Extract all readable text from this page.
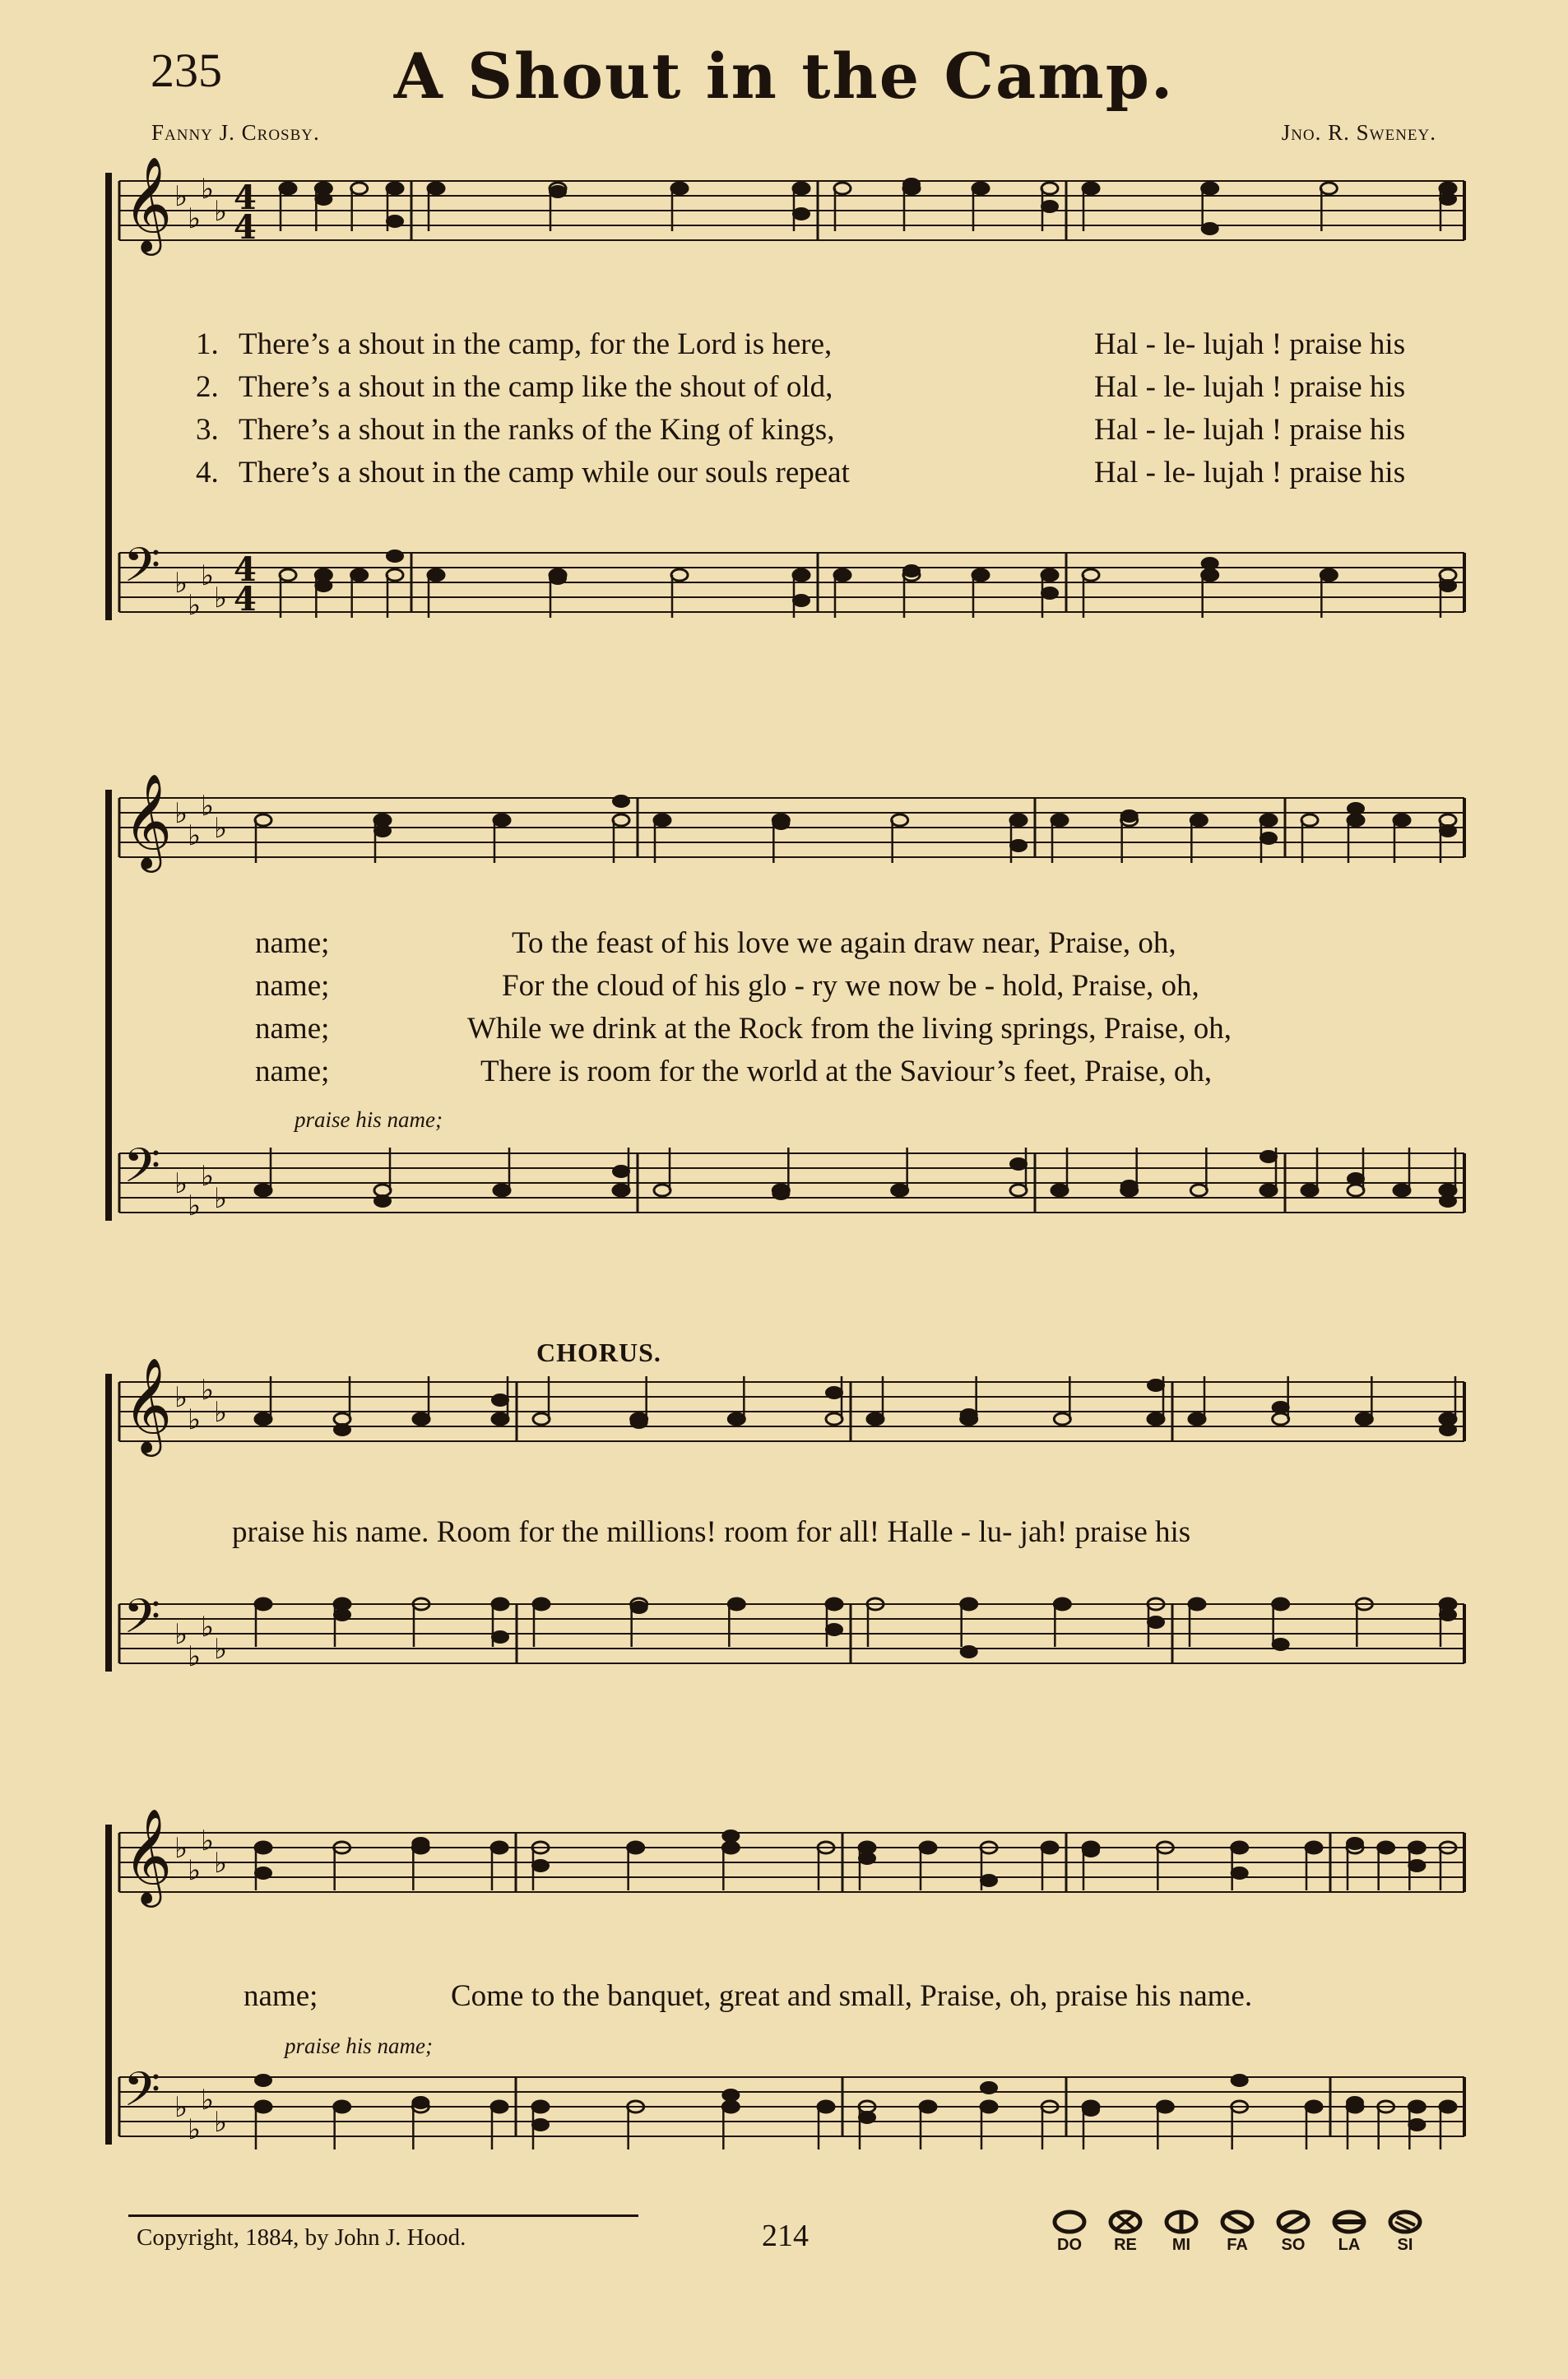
235	A Shout in the Camp.
Fanny J. Crosby.	Jno. R. Sweney.
𝄞 ♭
♭
♭
♭
𝄢 ♭
♭
♭
♭
4
4
4
4
𝄞 ♭
♭
♭
♭
𝄢 ♭
♭
♭
♭
𝄞 ♭
♭
♭
♭
𝄢 ♭
♭
♭
♭
𝄞 ♭
♭
♭
♭
𝄢 ♭
♭
♭
♭
1. There’s a shout in the camp, for the Lord is here,	Hal - le- lujah ! praise his
2. There’s a shout in the camp like the shout of old,	Hal - le- lujah ! praise his
3. There’s a shout in the ranks of the King of kings,	Hal - le- lujah ! praise his
4. There’s a shout in the camp while our souls repeat	Hal - le- lujah ! praise his
name;	To the feast of his love we again draw near, Praise, oh,
name;	For the cloud of his glo - ry we now be - hold, Praise, oh,
name;	While we drink at the Rock from the living springs, Praise, oh,
name;	There is room for the world at the Saviour’s feet, Praise, oh,
praise his name;
CHORUS.
praise his name. Room for the millions! room for all! Halle - lu- jah! praise his
name;	Come to the banquet, great and small, Praise, oh, praise his name.
praise his name;
Copyright, 1884, by John J. Hood.	214	DO RE MI FA SO LA SI
